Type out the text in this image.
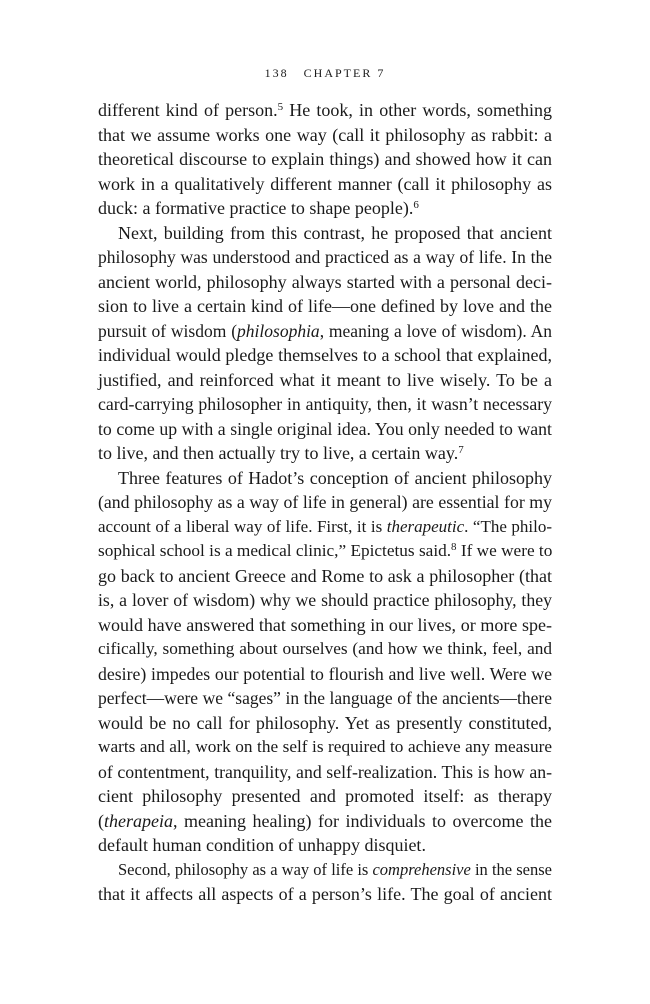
138 CHAPTER 7
different kind of person.$^5$ He took, in other words, something
that we assume works one way (call it philosophy as rabbit: a
theoretical discourse to explain things) and showed how it can
work in a qualitatively different manner (call it philosophy as
duck: a formative practice to shape people).$^6$
Next, building from this contrast, he proposed that ancient
philosophy was understood and practiced as a way of life. In the
ancient world, philosophy always started with a personal deci-
sion to live a certain kind of life—one defined by love and the
pursuit of wisdom (philosophia, meaning a love of wisdom). An
individual would pledge themselves to a school that explained,
justified, and reinforced what it meant to live wisely. To be a
card-carrying philosopher in antiquity, then, it wasn’t necessary
to come up with a single original idea. You only needed to want
to live, and then actually try to live, a certain way.$^7$
Three features of Hadot’s conception of ancient philosophy
(and philosophy as a way of life in general) are essential for my
account of a liberal way of life. First, it is therapeutic. “The philo-
sophical school is a medical clinic,” Epictetus said.$^8$ If we were to
go back to ancient Greece and Rome to ask a philosopher (that
is, a lover of wisdom) why we should practice philosophy, they
would have answered that something in our lives, or more spe-
cifically, something about ourselves (and how we think, feel, and
desire) impedes our potential to flourish and live well. Were we
perfect—were we “sages” in the language of the ancients—there
would be no call for philosophy. Yet as presently constituted,
warts and all, work on the self is required to achieve any measure
of contentment, tranquility, and self-realization. This is how an-
cient philosophy presented and promoted itself: as therapy
(therapeia, meaning healing) for individuals to overcome the
default human condition of unhappy disquiet.
Second, philosophy as a way of life is comprehensive in the sense
that it affects all aspects of a person’s life. The goal of ancient
